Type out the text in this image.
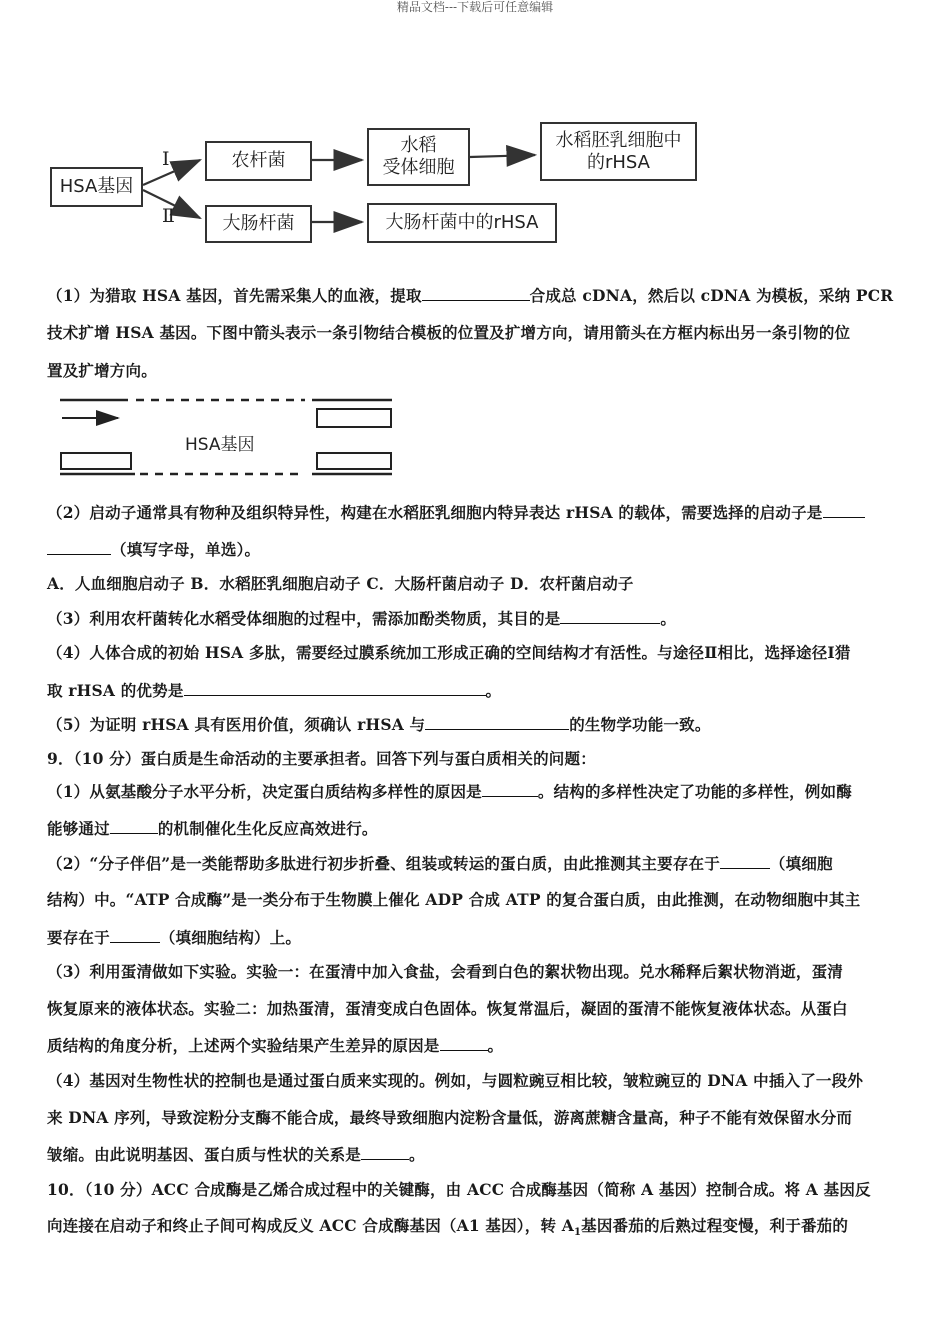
精品文档---下载后可任意编辑
HSA基因
Ⅰ
Ⅱ
农杆菌
水稻
受体细胞
水稻胚乳细胞中
的rHSA
大肠杆菌	大肠杆菌中的rHSA
（1）为猎取 HSA 基因，首先需采集人的血液，提取	合成总 cDNA，然后以 cDNA 为模板，采纳 PCR
技术扩增 HSA 基因。下图中箭头表示一条引物结合模板的位置及扩增方向，请用箭头在方框内标出另一条引物的位
置及扩增方向。
HSA基因
（2）启动子通常具有物种及组织特异性，构建在水稻胚乳细胞内特异表达 rHSA 的载体，需要选择的启动子是
（填写字母，单选）。
A．人血细胞启动子 B．水稻胚乳细胞启动子 C．大肠杆菌启动子 D．农杆菌启动子
（3）利用农杆菌转化水稻受体细胞的过程中，需添加酚类物质，其目的是	。
（4）人体合成的初始 HSA 多肽，需要经过膜系统加工形成正确的空间结构才有活性。与途径Ⅱ相比，选择途径Ⅰ猎
取 rHSA 的优势是	。
（5）为证明 rHSA 具有医用价值，须确认 rHSA 与	的生物学功能一致。
9．（10 分）蛋白质是生命活动的主要承担者。回答下列与蛋白质相关的问题：
（1）从氨基酸分子水平分析，决定蛋白质结构多样性的原因是	。结构的多样性决定了功能的多样性，例如酶
能够通过	的机制催化生化反应高效进行。
（2）“分子伴侣”是一类能帮助多肽进行初步折叠、组装或转运的蛋白质，由此推测其主要存在于	（填细胞
结构）中。“ATP 合成酶”是一类分布于生物膜上催化 ADP 合成 ATP 的复合蛋白质，由此推测，在动物细胞中其主
要存在于	（填细胞结构）上。
（3）利用蛋清做如下实验。实验一：在蛋清中加入食盐，会看到白色的絮状物出现。兑水稀释后絮状物消逝，蛋清
恢复原来的液体状态。实验二：加热蛋清，蛋清变成白色固体。恢复常温后，凝固的蛋清不能恢复液体状态。从蛋白
质结构的角度分析，上述两个实验结果产生差异的原因是	。
（4）基因对生物性状的控制也是通过蛋白质来实现的。例如，与圆粒豌豆相比较，皱粒豌豆的 DNA 中插入了一段外
来 DNA 序列，导致淀粉分支酶不能合成，最终导致细胞内淀粉含量低，游离蔗糖含量高，种子不能有效保留水分而
皱缩。由此说明基因、蛋白质与性状的关系是	。
10．（10 分）ACC 合成酶是乙烯合成过程中的关键酶，由 ACC 合成酶基因（简称 A 基因）控制合成。将 A 基因反
向连接在启动子和终止子间可构成反义 ACC 合成酶基因（A1 基因），转 $A_1$基因番茄的后熟过程变慢，利于番茄的
